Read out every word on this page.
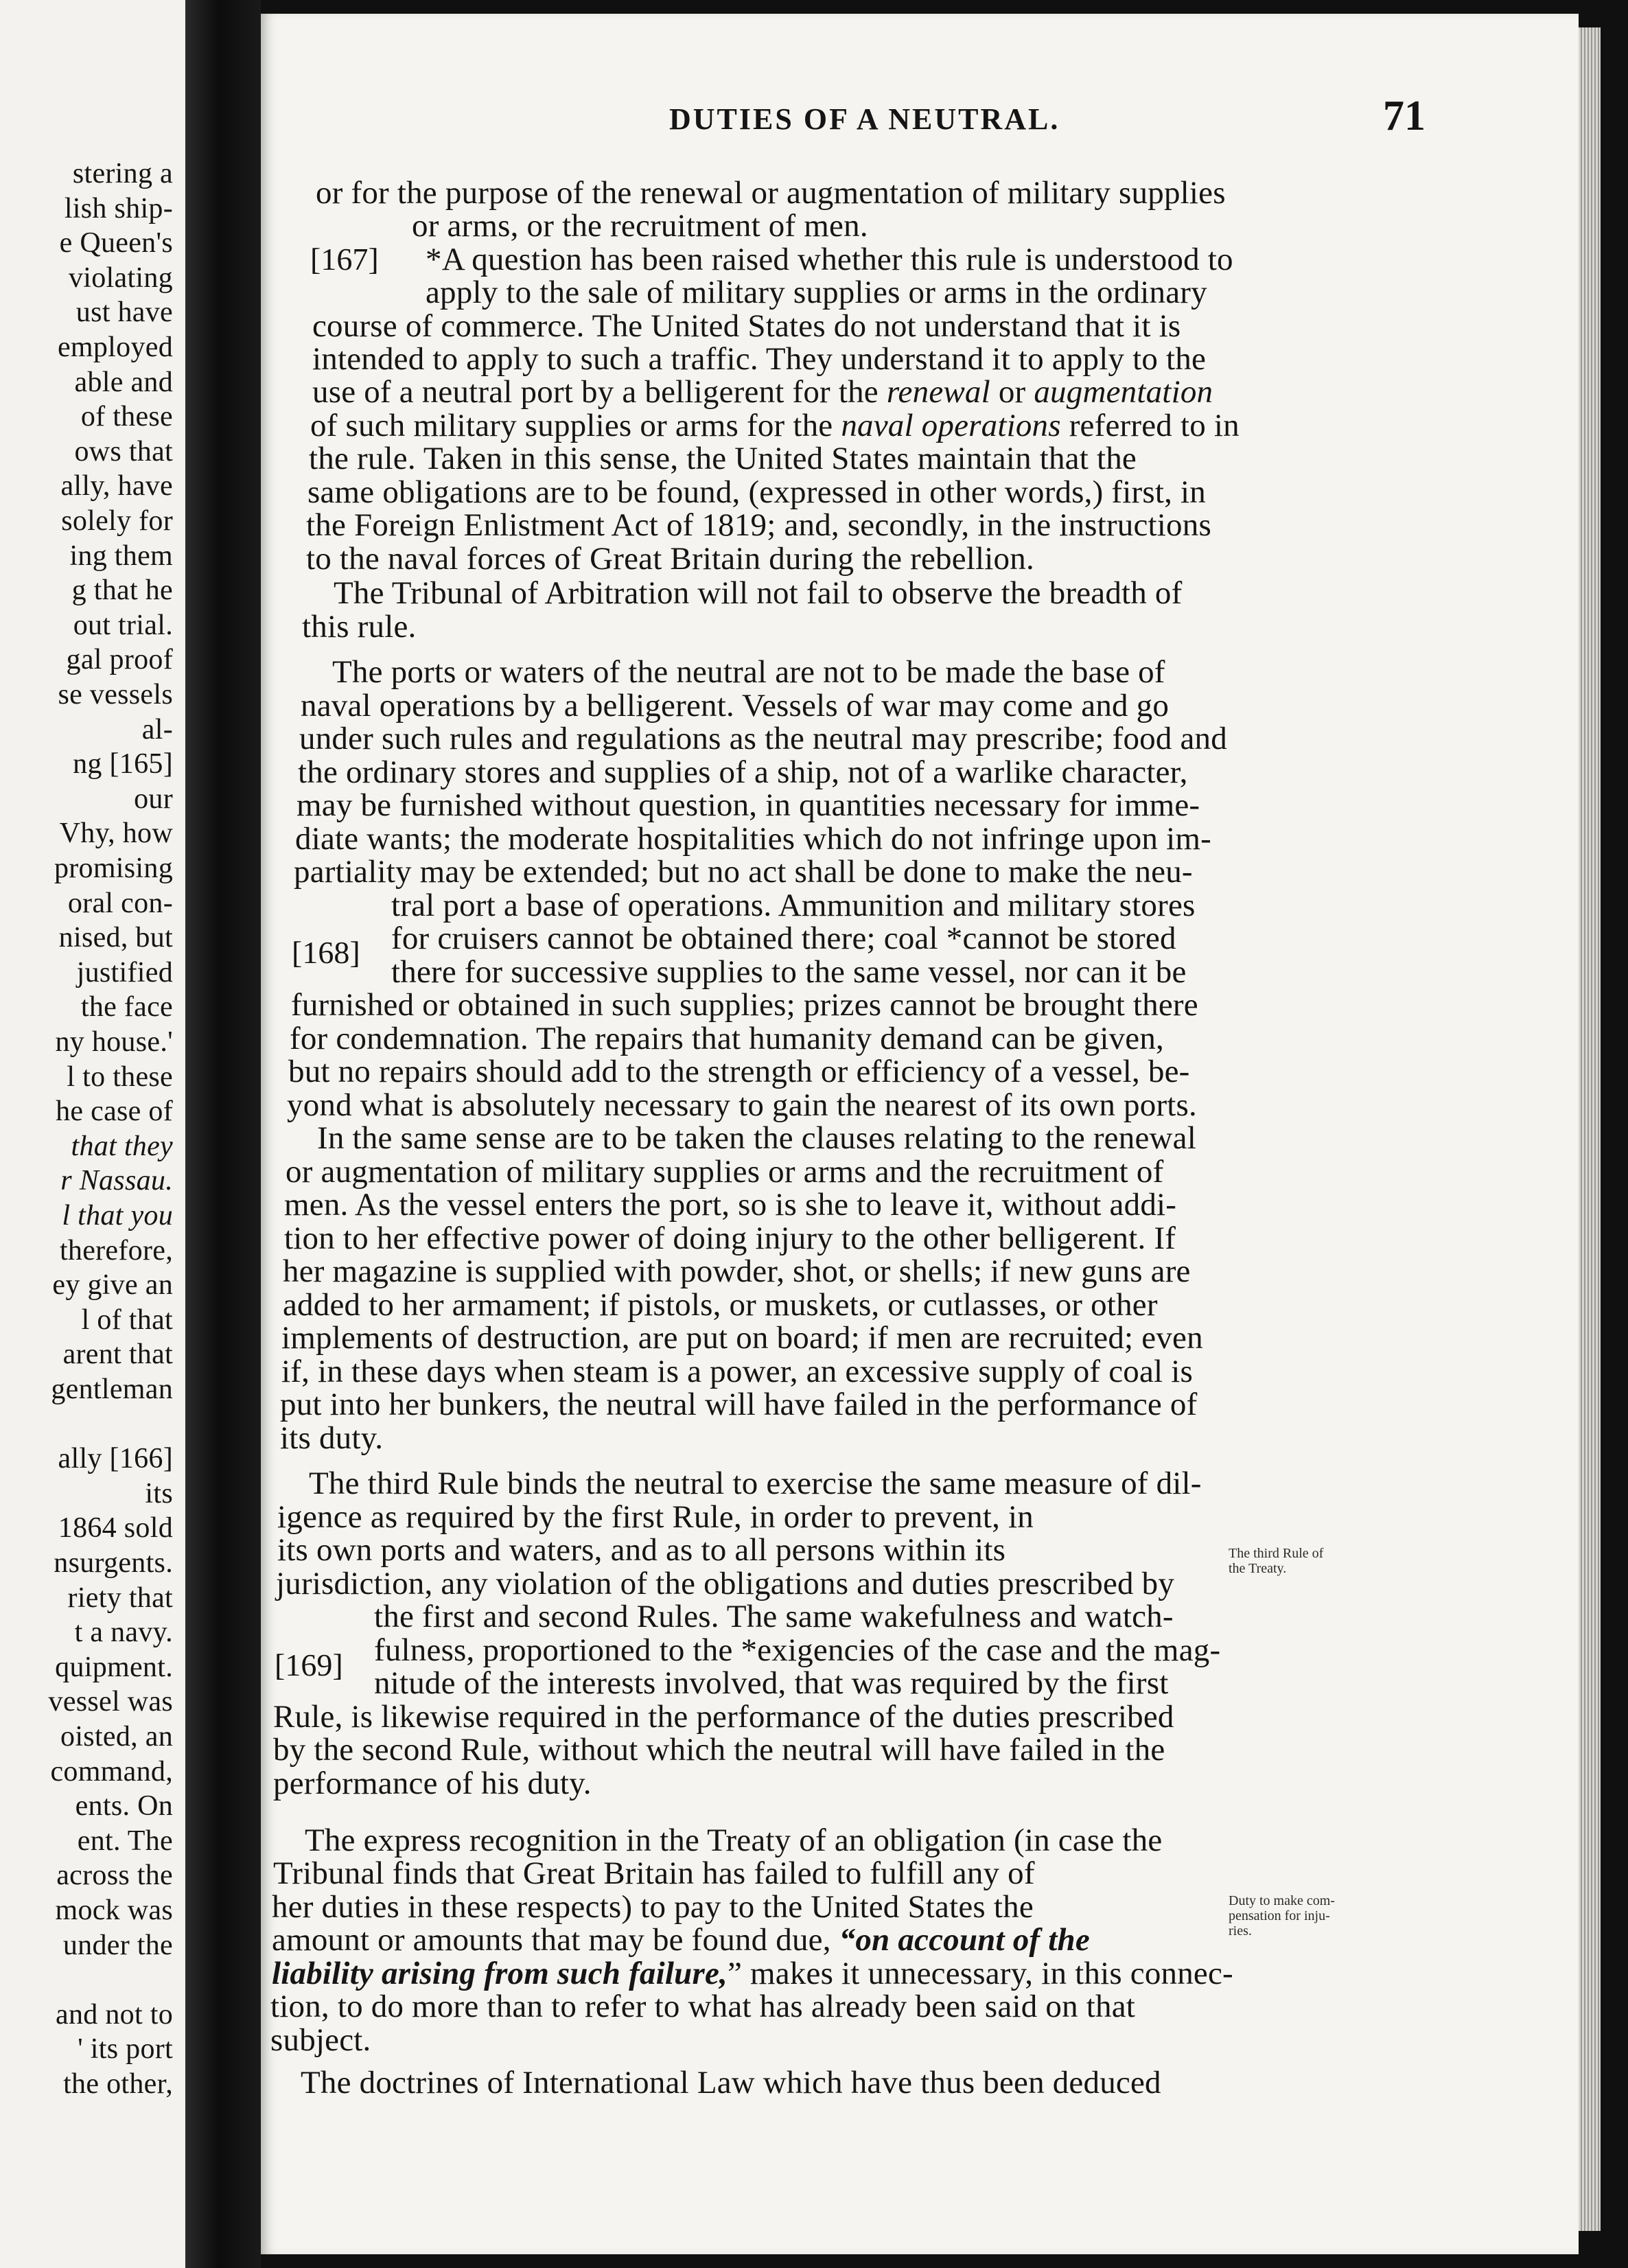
stering a
lish ship-
e Queen's
violating
ust have
employed
able and
of these
ows that
ally, have
solely for
ing them
g that he
out trial.
gal proof
se vessels
al-
ng [165]
our
Vhy, how
promising
oral con-
nised, but
justified
the face
ny house.'
l to these
he case of
that they
r Nassau.
l that you
therefore,
ey give an
l of that
arent that
gentleman
ally [166]
its
1864 sold
nsurgents.
riety that
t a navy.
quipment.
vessel was
oisted, an
command,
ents. On
ent. The
across the
mock was
under the
and not to
' its port
the other,
DUTIES OF A NEUTRAL.	71
[167]
[168]
[169]
The third Rule of
the Treaty.
Duty to make com-
pensation for inju-
ries.
or for the purpose of the renewal or augmentation of military supplies
or arms, or the recruitment of men.
*A question has been raised whether this rule is understood to
apply to the sale of military supplies or arms in the ordinary
course of commerce. The United States do not understand that it is
intended to apply to such a traffic. They understand it to apply to the
use of a neutral port by a belligerent for the renewal or augmentation
of such military supplies or arms for the naval operations referred to in
the rule. Taken in this sense, the United States maintain that the
same obligations are to be found, (expressed in other words,) first, in
the Foreign Enlistment Act of 1819; and, secondly, in the instructions
to the naval forces of Great Britain during the rebellion.
The Tribunal of Arbitration will not fail to observe the breadth of
this rule.
The ports or waters of the neutral are not to be made the base of
naval operations by a belligerent. Vessels of war may come and go
under such rules and regulations as the neutral may prescribe; food and
the ordinary stores and supplies of a ship, not of a warlike character,
may be furnished without question, in quantities necessary for imme-
diate wants; the moderate hospitalities which do not infringe upon im-
partiality may be extended; but no act shall be done to make the neu-
tral port a base of operations. Ammunition and military stores
for cruisers cannot be obtained there; coal *cannot be stored
there for successive supplies to the same vessel, nor can it be
furnished or obtained in such supplies; prizes cannot be brought there
for condemnation. The repairs that humanity demand can be given,
but no repairs should add to the strength or efficiency of a vessel, be-
yond what is absolutely necessary to gain the nearest of its own ports.
In the same sense are to be taken the clauses relating to the renewal
or augmentation of military supplies or arms and the recruitment of
men. As the vessel enters the port, so is she to leave it, without addi-
tion to her effective power of doing injury to the other belligerent. If
her magazine is supplied with powder, shot, or shells; if new guns are
added to her armament; if pistols, or muskets, or cutlasses, or other
implements of destruction, are put on board; if men are recruited; even
if, in these days when steam is a power, an excessive supply of coal is
put into her bunkers, the neutral will have failed in the performance of
its duty.
The third Rule binds the neutral to exercise the same measure of dil-
igence as required by the first Rule, in order to prevent, in
its own ports and waters, and as to all persons within its
jurisdiction, any violation of the obligations and duties prescribed by
the first and second Rules. The same wakefulness and watch-
fulness, proportioned to the *exigencies of the case and the mag-
nitude of the interests involved, that was required by the first
Rule, is likewise required in the performance of the duties prescribed
by the second Rule, without which the neutral will have failed in the
performance of his duty.
The express recognition in the Treaty of an obligation (in case the
Tribunal finds that Great Britain has failed to fulfill any of
her duties in these respects) to pay to the United States the
amount or amounts that may be found due, “on account of the
liability arising from such failure,” makes it unnecessary, in this connec-
tion, to do more than to refer to what has already been said on that
subject.
The doctrines of International Law which have thus been deduced
